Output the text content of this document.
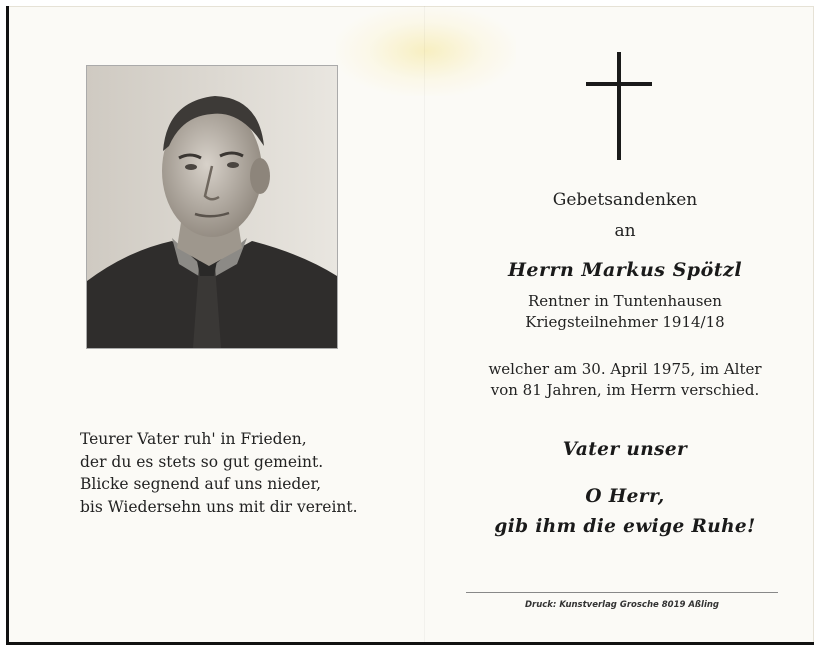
Teurer Vater ruh' in Frieden,
der du es stets so gut gemeint.
Blicke segnend auf uns nieder,
bis Wiedersehn uns mit dir vereint.
Gebetsandenken
an
Herrn Markus Spötzl
Rentner in Tuntenhausen
Kriegsteilnehmer 1914/18
welcher am 30. April 1975, im Alter
von 81 Jahren, im Herrn verschied.
Vater unser
O Herr,
gib ihm die ewige Ruhe!
Druck: Kunstverlag Grosche 8019 Aßling
